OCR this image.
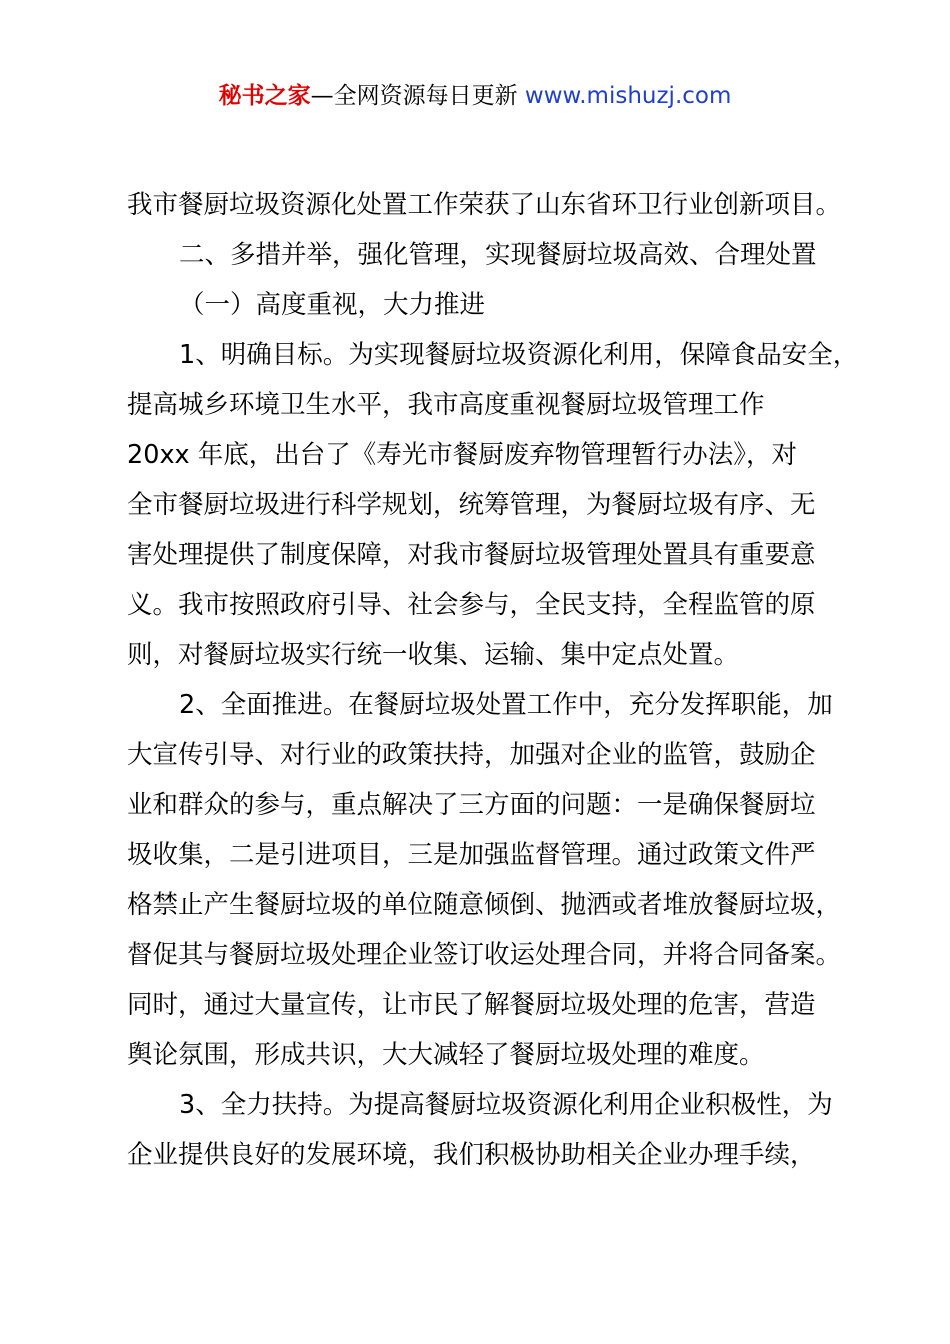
秘书之家—全网资源每日更新 www.mishuzj.com
我市餐厨垃圾资源化处置工作荣获了山东省环卫行业创新项目。
二、多措并举，强化管理，实现餐厨垃圾高效、合理处置
（一）高度重视，大力推进
1、明确目标。为实现餐厨垃圾资源化利用，保障食品安全，
提高城乡环境卫生水平，我市高度重视餐厨垃圾管理工作
20xx 年底，出台了《寿光市餐厨废弃物管理暂行办法》，对
全市餐厨垃圾进行科学规划，统筹管理，为餐厨垃圾有序、无
害处理提供了制度保障，对我市餐厨垃圾管理处置具有重要意
义。我市按照政府引导、社会参与，全民支持，全程监管的原
则，对餐厨垃圾实行统一收集、运输、集中定点处置。
2、全面推进。在餐厨垃圾处置工作中，充分发挥职能，加
大宣传引导、对行业的政策扶持，加强对企业的监管，鼓励企
业和群众的参与，重点解决了三方面的问题：一是确保餐厨垃
圾收集，二是引进项目，三是加强监督管理。通过政策文件严
格禁止产生餐厨垃圾的单位随意倾倒、抛洒或者堆放餐厨垃圾，
督促其与餐厨垃圾处理企业签订收运处理合同，并将合同备案。
同时，通过大量宣传，让市民了解餐厨垃圾处理的危害，营造
舆论氛围，形成共识，大大减轻了餐厨垃圾处理的难度。
3、全力扶持。为提高餐厨垃圾资源化利用企业积极性，为
企业提供良好的发展环境，我们积极协助相关企业办理手续，
